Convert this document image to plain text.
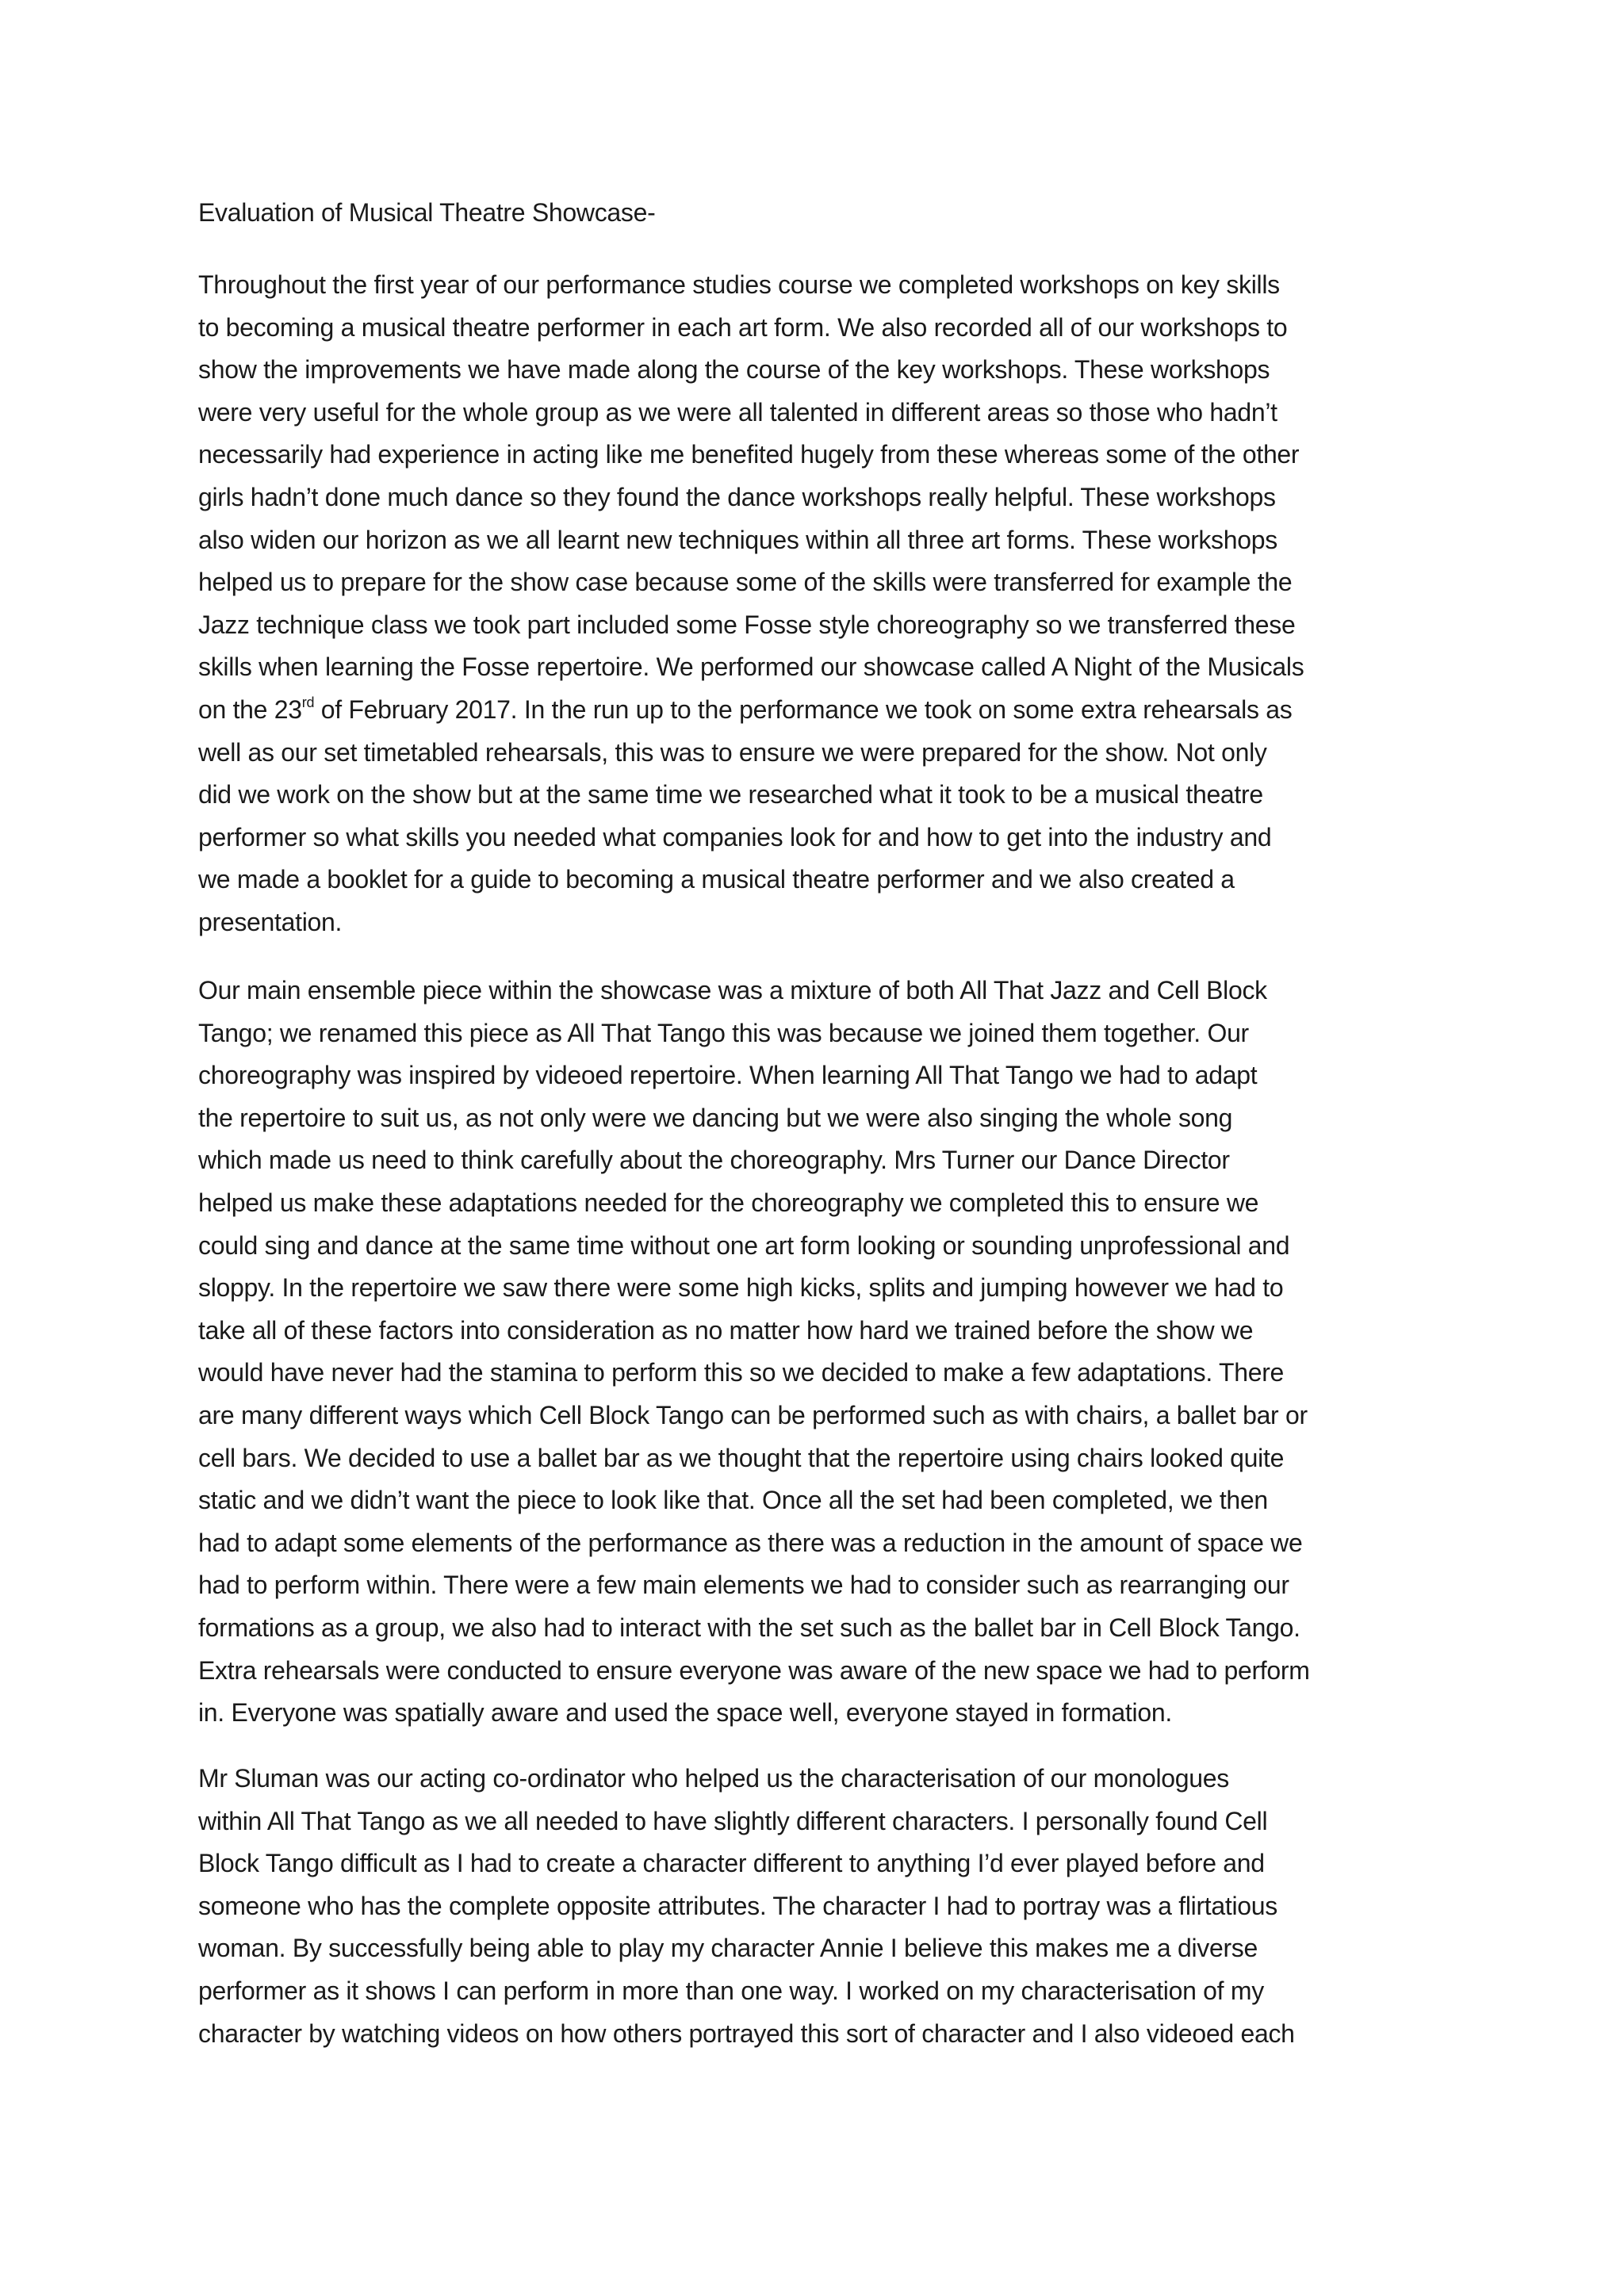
Evaluation of Musical Theatre Showcase-
Throughout the first year of our performance studies course we completed workshops on key skills
to becoming a musical theatre performer in each art form. We also recorded all of our workshops to
show the improvements we have made along the course of the key workshops. These workshops
were very useful for the whole group as we were all talented in different areas so those who hadn’t
necessarily had experience in acting like me benefited hugely from these whereas some of the other
girls hadn’t done much dance so they found the dance workshops really helpful. These workshops
also widen our horizon as we all learnt new techniques within all three art forms. These workshops
helped us to prepare for the show case because some of the skills were transferred for example the
Jazz technique class we took part included some Fosse style choreography so we transferred these
skills when learning the Fosse repertoire. We performed our showcase called A Night of the Musicals
on the 23rd of February 2017. In the run up to the performance we took on some extra rehearsals as
well as our set timetabled rehearsals, this was to ensure we were prepared for the show. Not only
did we work on the show but at the same time we researched what it took to be a musical theatre
performer so what skills you needed what companies look for and how to get into the industry and
we made a booklet for a guide to becoming a musical theatre performer and we also created a
presentation.
Our main ensemble piece within the showcase was a mixture of both All That Jazz and Cell Block
Tango; we renamed this piece as All That Tango this was because we joined them together. Our
choreography was inspired by videoed repertoire. When learning All That Tango we had to adapt
the repertoire to suit us, as not only were we dancing but we were also singing the whole song
which made us need to think carefully about the choreography. Mrs Turner our Dance Director
helped us make these adaptations needed for the choreography we completed this to ensure we
could sing and dance at the same time without one art form looking or sounding unprofessional and
sloppy. In the repertoire we saw there were some high kicks, splits and jumping however we had to
take all of these factors into consideration as no matter how hard we trained before the show we
would have never had the stamina to perform this so we decided to make a few adaptations. There
are many different ways which Cell Block Tango can be performed such as with chairs, a ballet bar or
cell bars. We decided to use a ballet bar as we thought that the repertoire using chairs looked quite
static and we didn’t want the piece to look like that. Once all the set had been completed, we then
had to adapt some elements of the performance as there was a reduction in the amount of space we
had to perform within. There were a few main elements we had to consider such as rearranging our
formations as a group, we also had to interact with the set such as the ballet bar in Cell Block Tango.
Extra rehearsals were conducted to ensure everyone was aware of the new space we had to perform
in. Everyone was spatially aware and used the space well, everyone stayed in formation.
Mr Sluman was our acting co-ordinator who helped us the characterisation of our monologues
within All That Tango as we all needed to have slightly different characters. I personally found Cell
Block Tango difficult as I had to create a character different to anything I’d ever played before and
someone who has the complete opposite attributes. The character I had to portray was a flirtatious
woman. By successfully being able to play my character Annie I believe this makes me a diverse
performer as it shows I can perform in more than one way. I worked on my characterisation of my
character by watching videos on how others portrayed this sort of character and I also videoed each
